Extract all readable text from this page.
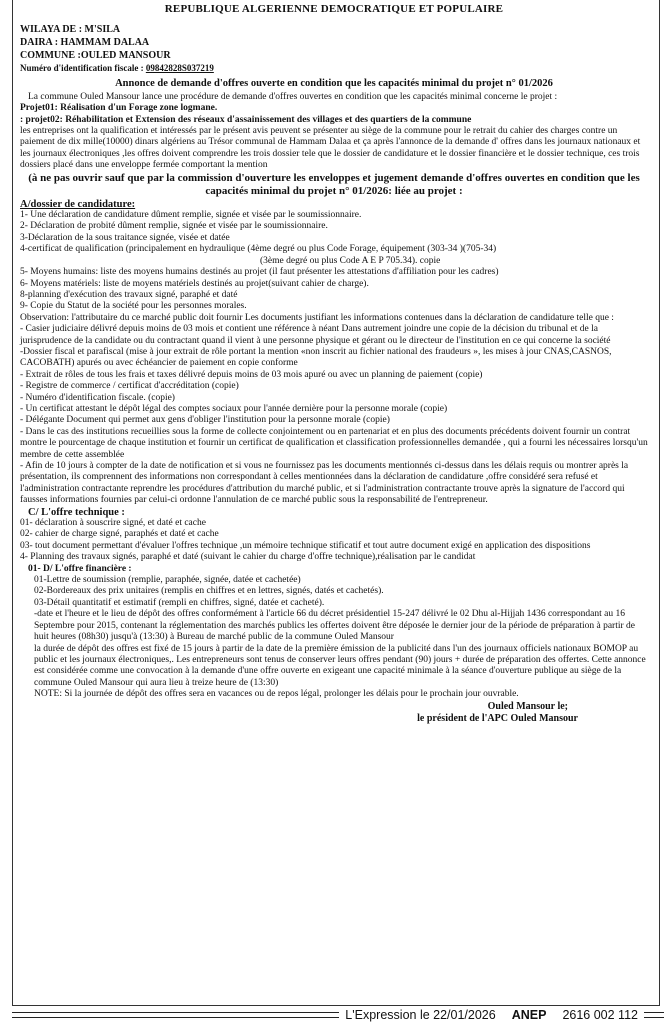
REPUBLIQUE ALGERIENNE DEMOCRATIQUE ET POPULAIRE

WILAYA DE : M'SILA

DAIRA : HAMMAM DALAA

COMMUNE :OULED MANSOUR

Numéro d'identification fiscale : 09842828S037219

Annonce de demande d'offres ouverte en condition que les capacités minimal du projet n° 01/2026

La commune Ouled Mansour lance une procédure de demande d'offres ouvertes en condition que les capacités minimal concerne le projet :

Projet01: Réalisation d'un Forage zone logmane.

: projet02: Réhabilitation et Extension des réseaux d'assainissement des villages et des quartiers de la commune

les entreprises ont la qualification et intéressés par le présent avis peuvent se présenter au siège de la commune pour le retrait du cahier des charges contre un paiement de dix mille(10000) dinars algériens au Trésor communal de Hammam Dalaa et ça après l'annonce de la demande d' offres dans les journaux nationaux et les journaux électroniques ,les offres doivent comprendre les trois dossier tele que le dossier de candidature et le dossier financière et le dossier technique, ces trois dossiers placé dans une enveloppe fermée comportant la mention

(à ne pas ouvrir sauf que par la commission d'ouverture les enveloppes et jugement demande d'offres ouvertes en condition que les capacités minimal du projet n° 01/2026: liée au projet :

A/dossier de candidature:

1- Une déclaration de candidature dûment remplie, signée et visée par le soumissionnaire.

2- Déclaration de probité dûment remplie, signée et visée par le soumissionnaire.

3-Déclaration de la sous traitance signée, visée et datée

4-certificat de qualification (principalement en hydraulique (4ème degré ou plus Code Forage, équipement (303-34 )(705-34)

(3ème degré ou plus Code A E P 705.34). copie

5- Moyens humains: liste des moyens humains destinés au projet (il faut présenter les attestations d'affiliation pour les cadres)

6- Moyens matériels: liste de moyens matériels destinés au projet(suivant cahier de charge).

8-planning d'exécution des travaux signé, paraphé et daté

9- Copie du Statut de la société pour les personnes morales.

Observation: l'attributaire du ce marché public doit fournir Les documents justifiant les informations contenues dans la déclaration de candidature telle que :

- Casier judiciaire délivré depuis moins de 03 mois et contient une référence à néant Dans autrement joindre une copie de la décision du tribunal et de la jurisprudence de la candidate ou du contractant quand il vient à une personne physique et gérant ou le directeur de l'institution en ce qui concerne la société

-Dossier fiscal et parafiscal (mise à jour extrait de rôle portant la mention «non inscrit au fichier national des fraudeurs », les mises à jour CNAS,CASNOS, CACOBATH) apurés ou avec échéancier de paiement en copie conforme

- Extrait de rôles de tous les frais et taxes délivré depuis moins de 03 mois apuré ou avec un planning de paiement (copie)

- Registre de commerce / certificat d'accréditation (copie)

- Numéro d'identification fiscale. (copie)

- Un certificat attestant le dépôt légal des comptes sociaux pour l'année dernière pour la personne morale (copie)

- Délégante Document qui permet aux gens d'obliger l'institution pour la personne morale (copie)

- Dans le cas des institutions recueillies sous la forme de collecte conjointement ou en partenariat et en plus des documents précédents doivent fournir un contrat montre le pourcentage de chaque institution et fournir un certificat de qualification et classification professionnelles demandée , qui a fourni les nécessaires lorsqu'un membre de cette assemblée

- Afin de 10 jours à compter de la date de notification et si vous ne fournissez pas les documents mentionnés ci-dessus dans les délais requis ou montrer après la présentation, ils comprennent des informations non correspondant à celles mentionnées dans la déclaration de candidature ,offre considéré sera refusé et l'administration contractante reprendre les procédures d'attribution du marché public, et si l'administration contractante trouve après la signature de l'accord qui fausses informations fournies par celui-ci ordonne l'annulation de ce marché public sous la responsabilité de l'entrepreneur.

C/ L'offre technique :

01- déclaration à souscrire signé, et daté et cache

02- cahier de charge signé, paraphés et daté et cache

03- tout document permettant d'évaluer l'offres technique ,un mémoire technique stificatif et tout autre document exigé en application des dispositions

4- Planning des travaux signés, paraphé et daté (suivant le cahier du charge d'offre technique),réalisation par le candidat

01- D/ L'offre financière :

01-Lettre de soumission (remplie, paraphée, signée, datée et cachetée)

02-Bordereaux des prix unitaires (remplis en chiffres et en lettres, signés, datés et cachetés).

03-Détail quantitatif et estimatif (rempli en chiffres, signé, datée et cacheté).

-date et l'heure et le lieu de dépôt des offres conformément à l'article 66 du décret présidentiel 15-247 délivré le 02 Dhu al-Hijjah 1436 correspondant au 16 Septembre pour 2015, contenant la réglementation des marchés publics les offertes doivent être déposée le dernier jour de la période de préparation à partir de huit heures (08h30) jusqu'à (13:30) à Bureau de marché public de la commune Ouled Mansour

la durée de dépôt des offres est fixé de 15 jours à partir de la date de la première émission de la publicité dans l'un des journaux officiels nationaux BOMOP au public et les journaux électroniques,. Les entrepreneurs sont tenus de conserver leurs offres pendant (90) jours + durée de préparation des offertes. Cette annonce est considérée comme une convocation à la demande d'une offre ouverte en exigeant une capacité minimale à la séance d'ouverture publique au siège de la commune Ouled Mansour qui aura lieu à treize heure de (13:30)

NOTE: Si la journée de dépôt des offres sera en vacances ou de repos légal, prolonger les délais pour le prochain jour ouvrable.

Ouled Mansour le;

le président de l'APC Ouled Mansour

L'Expression le 22/01/2026	ANEP	2616 002 112
